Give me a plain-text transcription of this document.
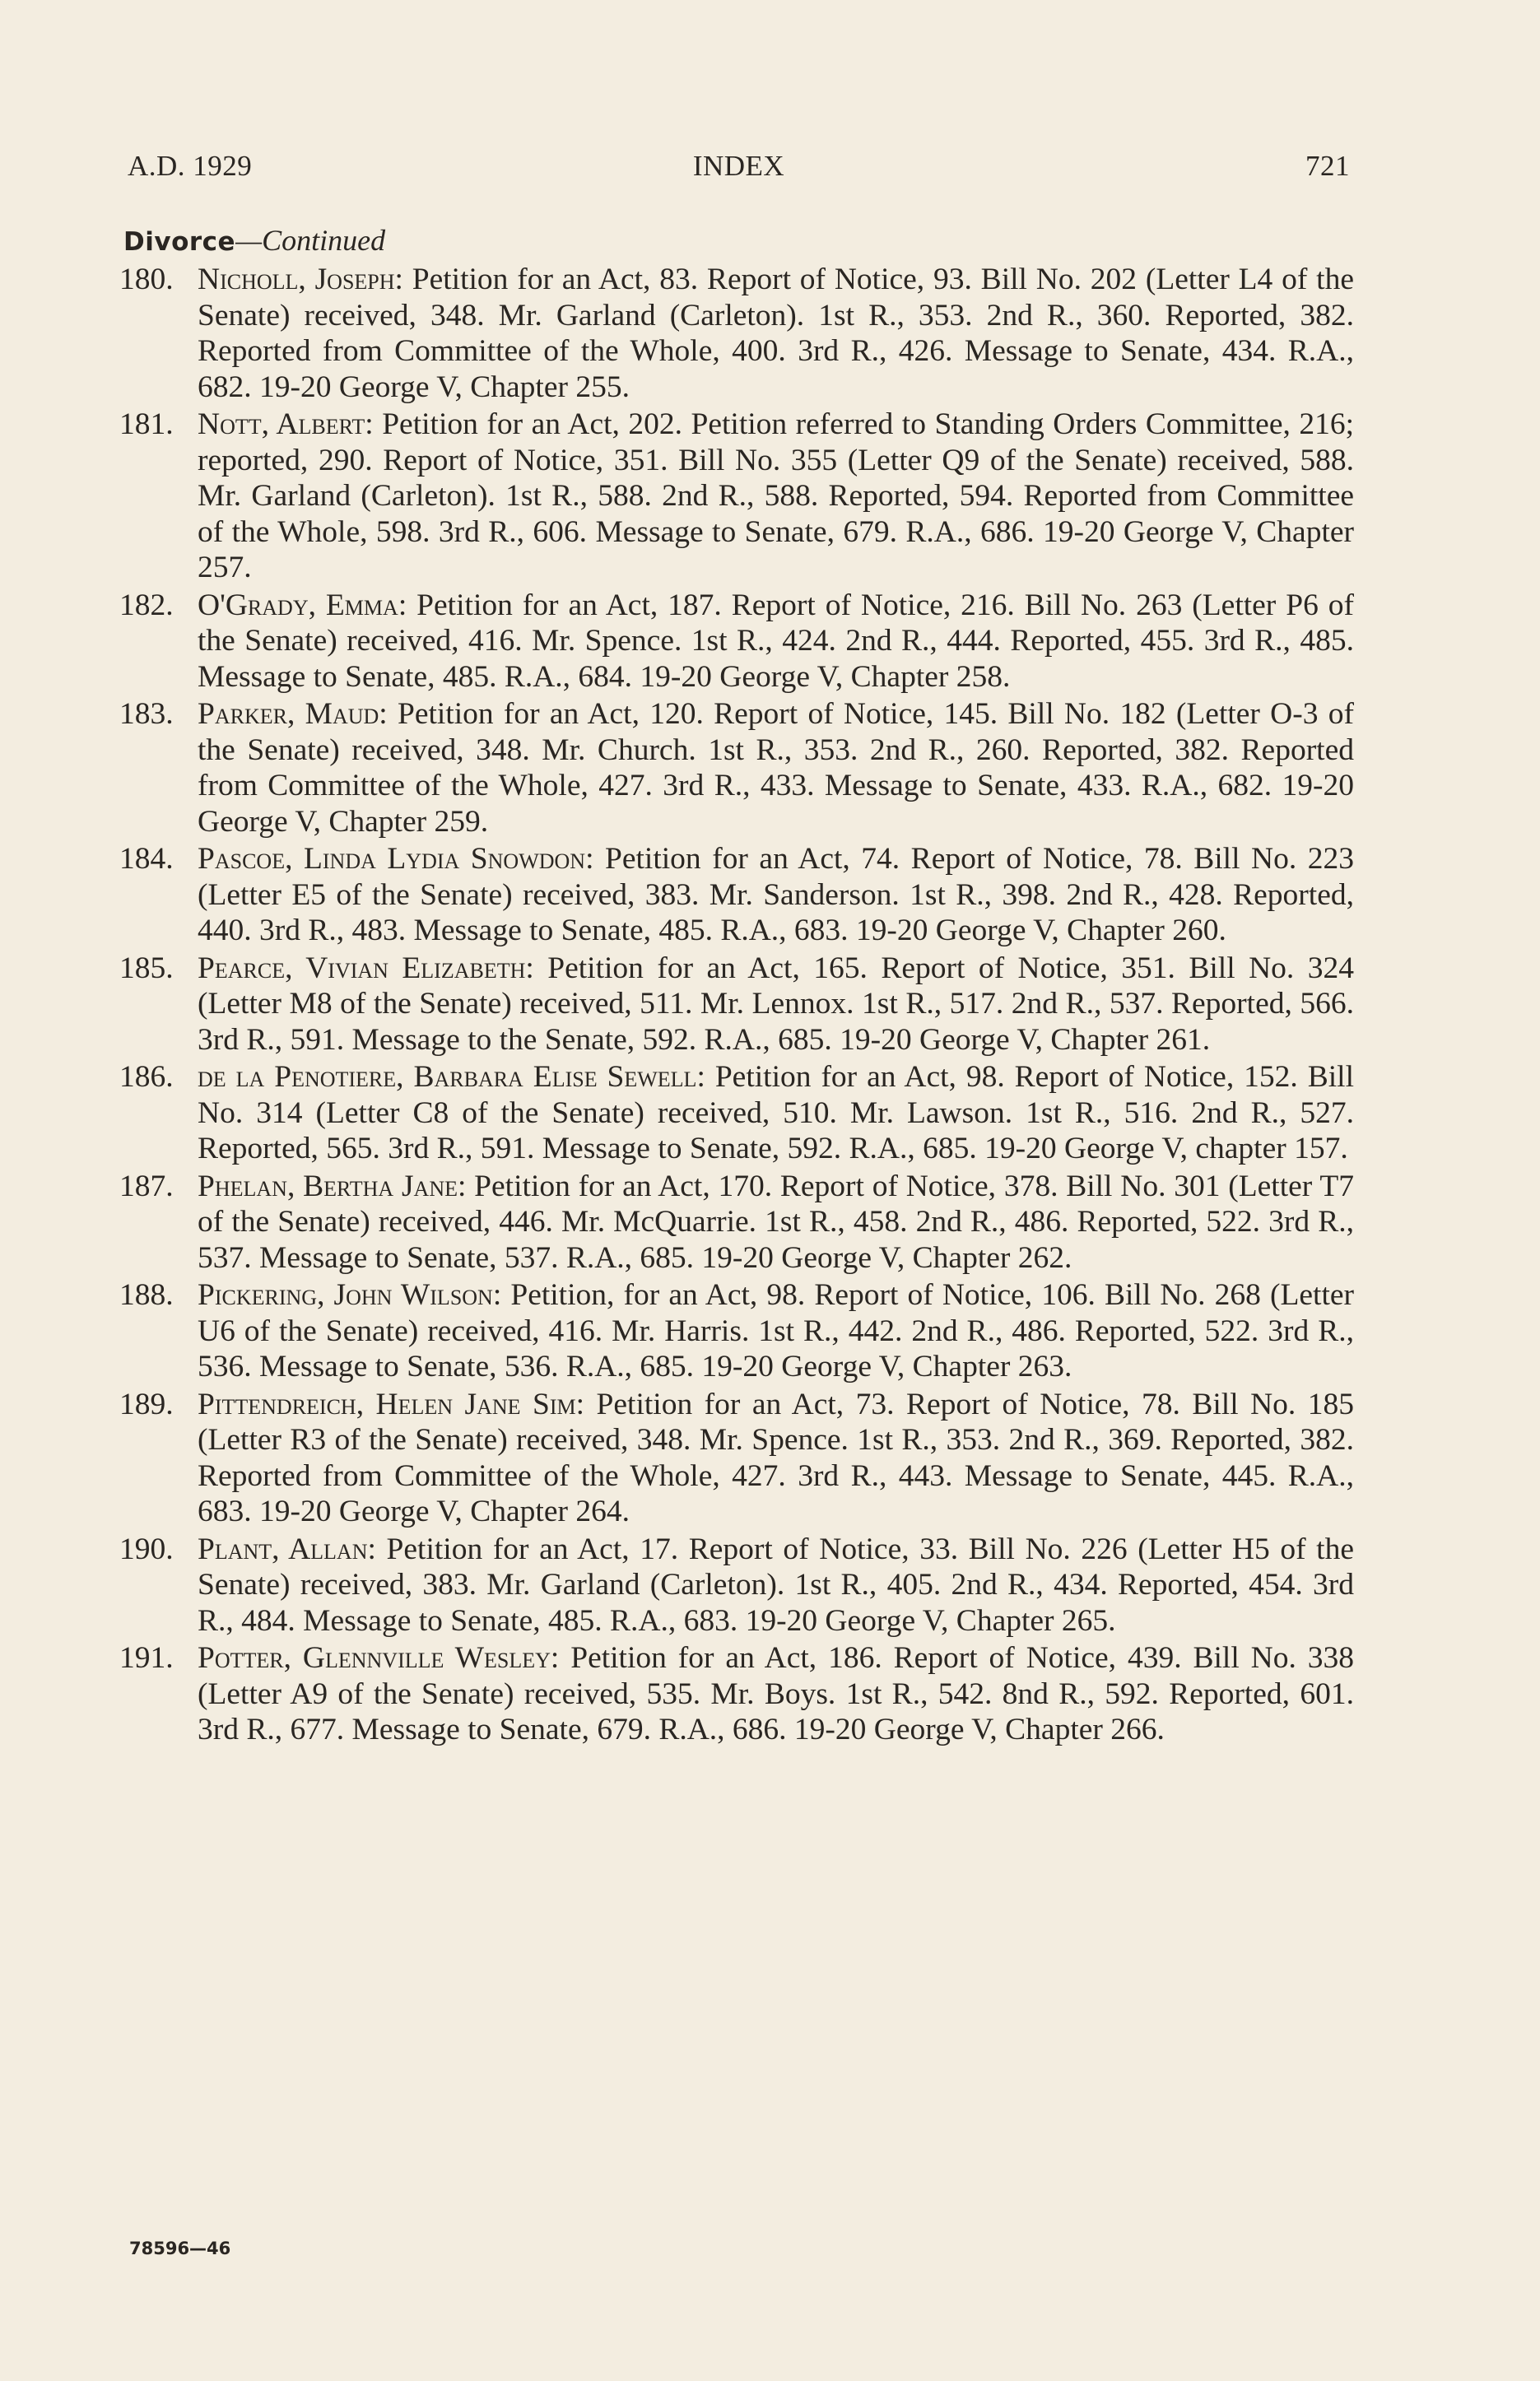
A.D. 1929	INDEX	721
Divorce—Continued
180. Nicholl, Joseph: Petition for an Act, 83. Report of Notice, 93. Bill No. 202 (Letter L4 of the Senate) received, 348. Mr. Garland (Carleton). 1st R., 353. 2nd R., 360. Reported, 382. Reported from Committee of the Whole, 400. 3rd R., 426. Message to Senate, 434. R.A., 682. 19-20 George V, Chapter 255.
181. Nott, Albert: Petition for an Act, 202. Petition referred to Standing Orders Committee, 216; reported, 290. Report of Notice, 351. Bill No. 355 (Letter Q9 of the Senate) received, 588. Mr. Garland (Carleton). 1st R., 588. 2nd R., 588. Reported, 594. Reported from Committee of the Whole, 598. 3rd R., 606. Message to Senate, 679. R.A., 686. 19-20 George V, Chapter 257.
182. O'Grady, Emma: Petition for an Act, 187. Report of Notice, 216. Bill No. 263 (Letter P6 of the Senate) received, 416. Mr. Spence. 1st R., 424. 2nd R., 444. Reported, 455. 3rd R., 485. Message to Senate, 485. R.A., 684. 19-20 George V, Chapter 258.
183. Parker, Maud: Petition for an Act, 120. Report of Notice, 145. Bill No. 182 (Letter O-3 of the Senate) received, 348. Mr. Church. 1st R., 353. 2nd R., 260. Reported, 382. Reported from Committee of the Whole, 427. 3rd R., 433. Message to Senate, 433. R.A., 682. 19-20 George V, Chapter 259.
184. Pascoe, Linda Lydia Snowdon: Petition for an Act, 74. Report of Notice, 78. Bill No. 223 (Letter E5 of the Senate) received, 383. Mr. Sanderson. 1st R., 398. 2nd R., 428. Reported, 440. 3rd R., 483. Message to Senate, 485. R.A., 683. 19-20 George V, Chapter 260.
185. Pearce, Vivian Elizabeth: Petition for an Act, 165. Report of Notice, 351. Bill No. 324 (Letter M8 of the Senate) received, 511. Mr. Lennox. 1st R., 517. 2nd R., 537. Reported, 566. 3rd R., 591. Message to the Senate, 592. R.A., 685. 19-20 George V, Chapter 261.
186. de la Penotiere, Barbara Elise Sewell: Petition for an Act, 98. Report of Notice, 152. Bill No. 314 (Letter C8 of the Senate) received, 510. Mr. Lawson. 1st R., 516. 2nd R., 527. Reported, 565. 3rd R., 591. Message to Senate, 592. R.A., 685. 19-20 George V, chapter 157.
187. Phelan, Bertha Jane: Petition for an Act, 170. Report of Notice, 378. Bill No. 301 (Letter T7 of the Senate) received, 446. Mr. McQuarrie. 1st R., 458. 2nd R., 486. Reported, 522. 3rd R., 537. Message to Senate, 537. R.A., 685. 19-20 George V, Chapter 262.
188. Pickering, John Wilson: Petition, for an Act, 98. Report of Notice, 106. Bill No. 268 (Letter U6 of the Senate) received, 416. Mr. Harris. 1st R., 442. 2nd R., 486. Reported, 522. 3rd R., 536. Message to Senate, 536. R.A., 685. 19-20 George V, Chapter 263.
189. Pittendreich, Helen Jane Sim: Petition for an Act, 73. Report of Notice, 78. Bill No. 185 (Letter R3 of the Senate) received, 348. Mr. Spence. 1st R., 353. 2nd R., 369. Reported, 382. Reported from Committee of the Whole, 427. 3rd R., 443. Message to Senate, 445. R.A., 683. 19-20 George V, Chapter 264.
190. Plant, Allan: Petition for an Act, 17. Report of Notice, 33. Bill No. 226 (Letter H5 of the Senate) received, 383. Mr. Garland (Carleton). 1st R., 405. 2nd R., 434. Reported, 454. 3rd R., 484. Message to Senate, 485. R.A., 683. 19-20 George V, Chapter 265.
191. Potter, Glennville Wesley: Petition for an Act, 186. Report of Notice, 439. Bill No. 338 (Letter A9 of the Senate) received, 535. Mr. Boys. 1st R., 542. 8nd R., 592. Reported, 601. 3rd R., 677. Message to Senate, 679. R.A., 686. 19-20 George V, Chapter 266.
78596—46
